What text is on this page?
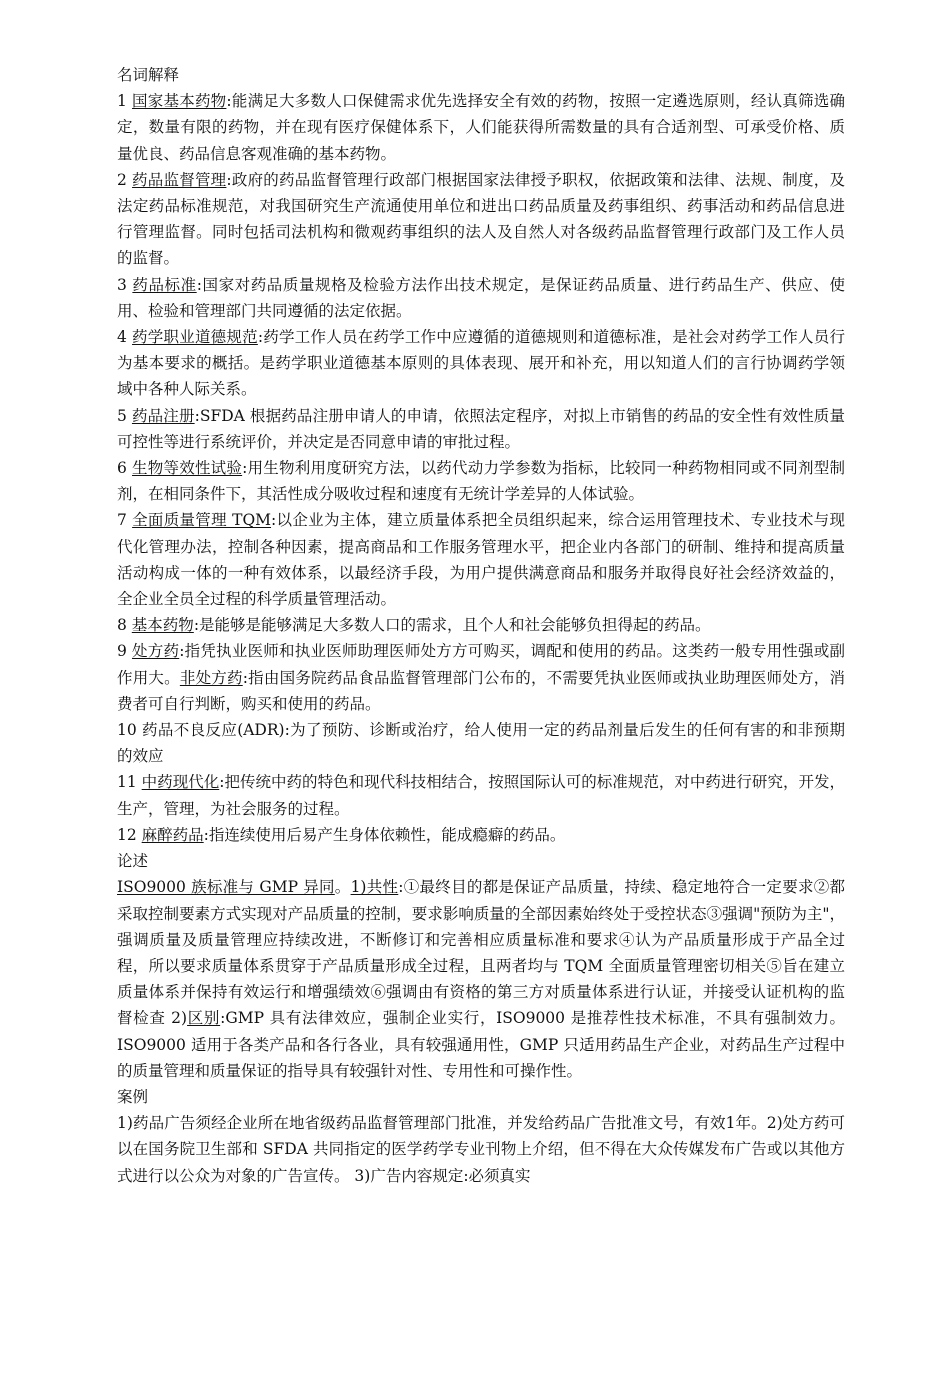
名词解释
1 国家基本药物:能满足大多数人口保健需求优先选择安全有效的药物，按照一定遴选原则，经认真筛选确定，数量有限的药物，并在现有医疗保健体系下，人们能获得所需数量的具有合适剂型、可承受价格、质量优良、药品信息客观准确的基本药物。
2 药品监督管理:政府的药品监督管理行政部门根据国家法律授予职权，依据政策和法律、法规、制度，及法定药品标准规范，对我国研究生产流通使用单位和进出口药品质量及药事组织、药事活动和药品信息进行管理监督。同时包括司法机构和微观药事组织的法人及自然人对各级药品监督管理行政部门及工作人员的监督。
3 药品标准:国家对药品质量规格及检验方法作出技术规定，是保证药品质量、进行药品生产、供应、使用、检验和管理部门共同遵循的法定依据。
4 药学职业道德规范:药学工作人员在药学工作中应遵循的道德规则和道德标准，是社会对药学工作人员行为基本要求的概括。是药学职业道德基本原则的具体表现、展开和补充，用以知道人们的言行协调药学领域中各种人际关系。
5 药品注册:SFDA 根据药品注册申请人的申请，依照法定程序，对拟上市销售的药品的安全性有效性质量可控性等进行系统评价，并决定是否同意申请的审批过程。
6 生物等效性试验:用生物利用度研究方法，以药代动力学参数为指标，比较同一种药物相同或不同剂型制剂，在相同条件下，其活性成分吸收过程和速度有无统计学差异的人体试验。
7 全面质量管理 TQM:以企业为主体，建立质量体系把全员组织起来，综合运用管理技术、专业技术与现代化管理办法，控制各种因素，提高商品和工作服务管理水平，把企业内各部门的研制、维持和提高质量活动构成一体的一种有效体系，以最经济手段，为用户提供满意商品和服务并取得良好社会经济效益的，全企业全员全过程的科学质量管理活动。
8 基本药物:是能够是能够满足大多数人口的需求，且个人和社会能够负担得起的药品。
9 处方药:指凭执业医师和执业医师助理医师处方方可购买，调配和使用的药品。这类药一般专用性强或副作用大。非处方药:指由国务院药品食品监督管理部门公布的，不需要凭执业医师或执业助理医师处方，消费者可自行判断，购买和使用的药品。
10 药品不良反应(ADR):为了预防、诊断或治疗，给人使用一定的药品剂量后发生的任何有害的和非预期的效应
11 中药现代化:把传统中药的特色和现代科技相结合，按照国际认可的标准规范，对中药进行研究，开发，生产，管理，为社会服务的过程。
12 麻醉药品:指连续使用后易产生身体依赖性，能成瘾癖的药品。
论述
ISO9000 族标准与 GMP 异同。1)共性:①最终目的都是保证产品质量，持续、稳定地符合一定要求②都采取控制要素方式实现对产品质量的控制，要求影响质量的全部因素始终处于受控状态③强调"预防为主"，强调质量及质量管理应持续改进，不断修订和完善相应质量标准和要求④认为产品质量形成于产品全过程，所以要求质量体系贯穿于产品质量形成全过程，且两者均与 TQM 全面质量管理密切相关⑤旨在建立质量体系并保持有效运行和增强绩效⑥强调由有资格的第三方对质量体系进行认证，并接受认证机构的监督检查 2)区别:GMP 具有法律效应，强制企业实行，ISO9000 是推荐性技术标准，不具有强制效力。ISO9000 适用于各类产品和各行各业，具有较强通用性，GMP 只适用药品生产企业，对药品生产过程中的质量管理和质量保证的指导具有较强针对性、专用性和可操作性。
案例
1)药品广告须经企业所在地省级药品监督管理部门批准，并发给药品广告批准文号，有效1年。2)处方药可以在国务院卫生部和 SFDA 共同指定的医学药学专业刊物上介绍，但不得在大众传媒发布广告或以其他方式进行以公众为对象的广告宣传。 3)广告内容规定:必须真实
